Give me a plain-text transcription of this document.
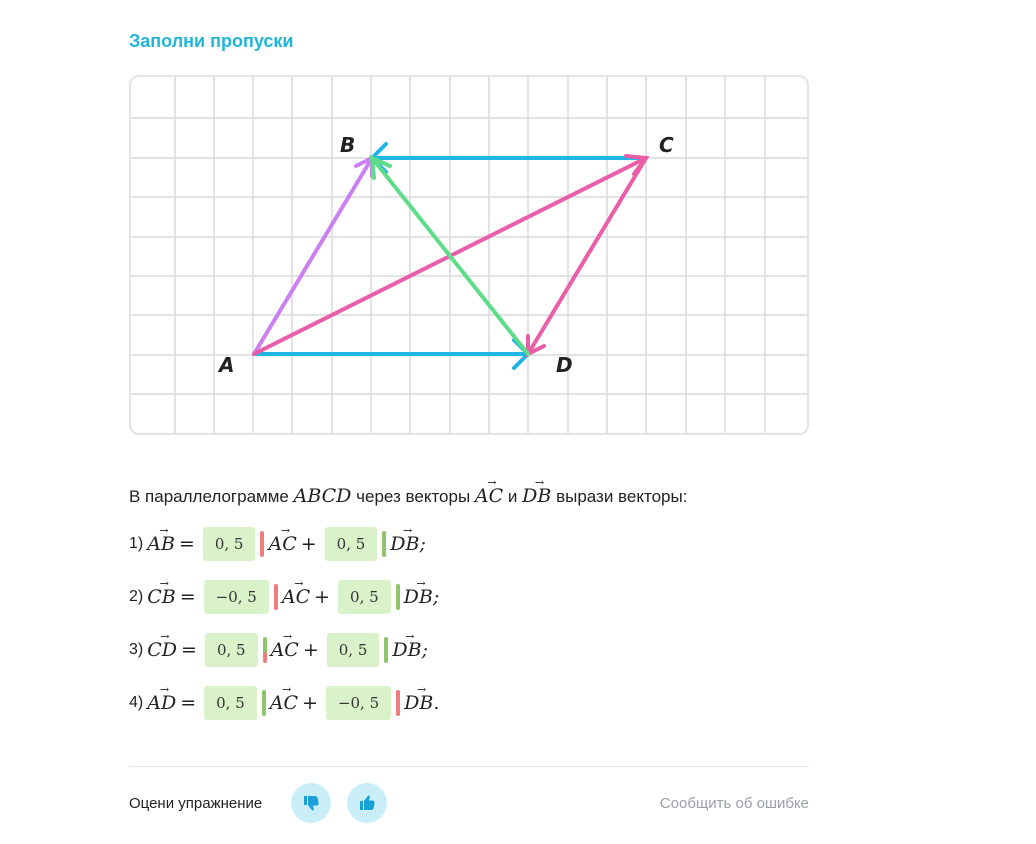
Заполни пропуски
A
B	C
D
В параллелограмме ABCD через векторы → AC и → DB вырази векторы:
1) → AB =	0, 5	→ AC +	0, 5	→ DB ;
2) → CB =	−0, 5	→ AC +	0, 5	→ DB ;
3) → CD =	0, 5	→ AC +	0, 5	→ DB ;
4) → AD =	0, 5	→ AC +	−0, 5	→ DB .
Оцени упражнение	Сообщить об ошибке
